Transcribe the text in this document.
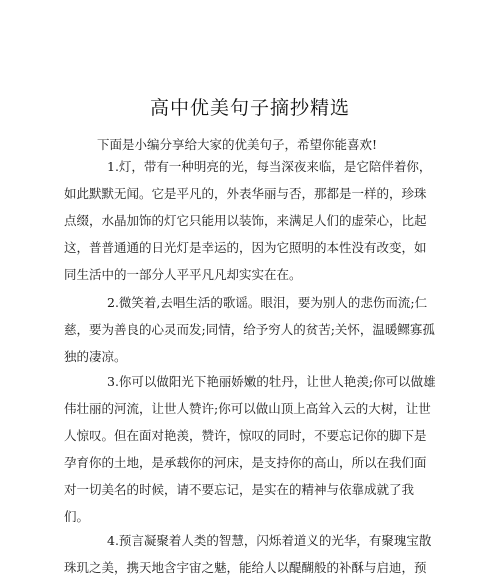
高中优美句子摘抄精选
下面是小编分享给大家的优美句子，希望你能喜欢!
1.灯，带有一种明亮的光，每当深夜来临，是它陪伴着你，
如此默默无闻。它是平凡的，外表华丽与否，那都是一样的，珍珠
点缀，水晶加饰的灯它只能用以装饰，来满足人们的虚荣心，比起
这，普普通通的日光灯是幸运的，因为它照明的本性没有改变，如
同生活中的一部分人平平凡凡却实实在在。
2.微笑着,去唱生活的歌谣。眼泪，要为别人的悲伤而流;仁
慈，要为善良的心灵而发;同情，给予穷人的贫苦;关怀，温暖鳏寡孤
独的凄凉。
3.你可以做阳光下艳丽娇嫩的牡丹，让世人艳羡;你可以做雄
伟壮丽的河流，让世人赞许;你可以做山顶上高耸入云的大树，让世
人惊叹。但在面对艳羡，赞许，惊叹的同时，不要忘记你的脚下是
孕育你的土地，是承载你的河床，是支持你的高山，所以在我们面
对一切美名的时候，请不要忘记，是实在的精神与依靠成就了我
们。
4.预言凝聚着人类的智慧，闪烁着道义的光华，有聚瑰宝散
珠玑之美，携天地含宇宙之魅，能给人以醍醐般的补酥与启迪，预
